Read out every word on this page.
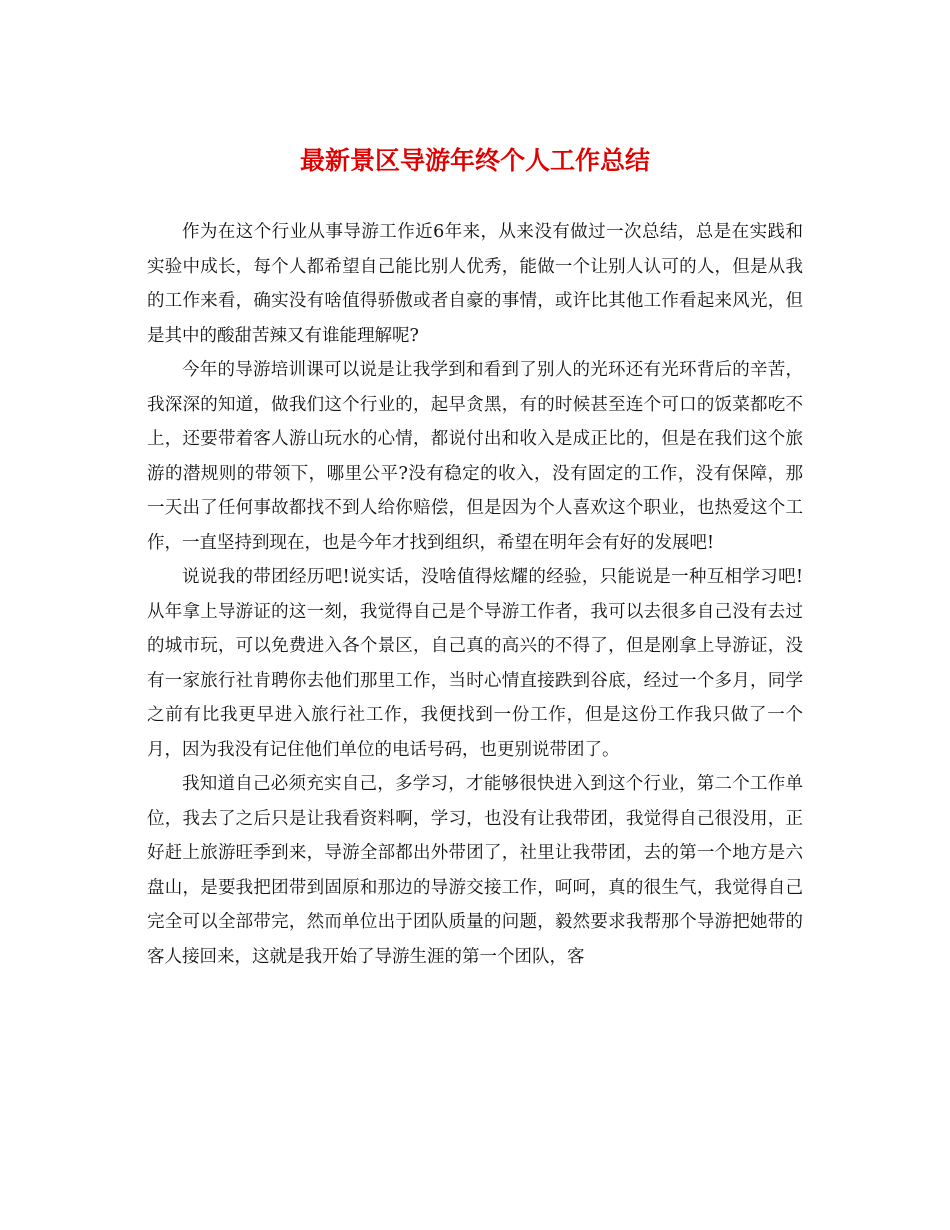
最新景区导游年终个人工作总结

作为在这个行业从事导游工作近6年来，从来没有做过一次总结，总是在实践和实验中成长，每个人都希望自己能比别人优秀，能做一个让别人认可的人，但是从我的工作来看，确实没有啥值得骄傲或者自豪的事情，或许比其他工作看起来风光，但是其中的酸甜苦辣又有谁能理解呢?

今年的导游培训课可以说是让我学到和看到了别人的光环还有光环背后的辛苦，我深深的知道，做我们这个行业的，起早贪黑，有的时候甚至连个可口的饭菜都吃不上，还要带着客人游山玩水的心情，都说付出和收入是成正比的，但是在我们这个旅游的潜规则的带领下，哪里公平?没有稳定的收入，没有固定的工作，没有保障，那一天出了任何事故都找不到人给你赔偿，但是因为个人喜欢这个职业，也热爱这个工作，一直坚持到现在，也是今年才找到组织，希望在明年会有好的发展吧!

说说我的带团经历吧!说实话，没啥值得炫耀的经验，只能说是一种互相学习吧!从年拿上导游证的这一刻，我觉得自己是个导游工作者，我可以去很多自己没有去过的城市玩，可以免费进入各个景区，自己真的高兴的不得了，但是刚拿上导游证，没有一家旅行社肯聘你去他们那里工作，当时心情直接跌到谷底，经过一个多月，同学之前有比我更早进入旅行社工作，我便找到一份工作，但是这份工作我只做了一个月，因为我没有记住他们单位的电话号码，也更别说带团了。

我知道自己必须充实自己，多学习，才能够很快进入到这个行业，第二个工作单位，我去了之后只是让我看资料啊，学习，也没有让我带团，我觉得自己很没用，正好赶上旅游旺季到来，导游全部都出外带团了，社里让我带团，去的第一个地方是六盘山，是要我把团带到固原和那边的导游交接工作，呵呵，真的很生气，我觉得自己完全可以全部带完，然而单位出于团队质量的问题，毅然要求我帮那个导游把她带的客人接回来，这就是我开始了导游生涯的第一个团队，客
